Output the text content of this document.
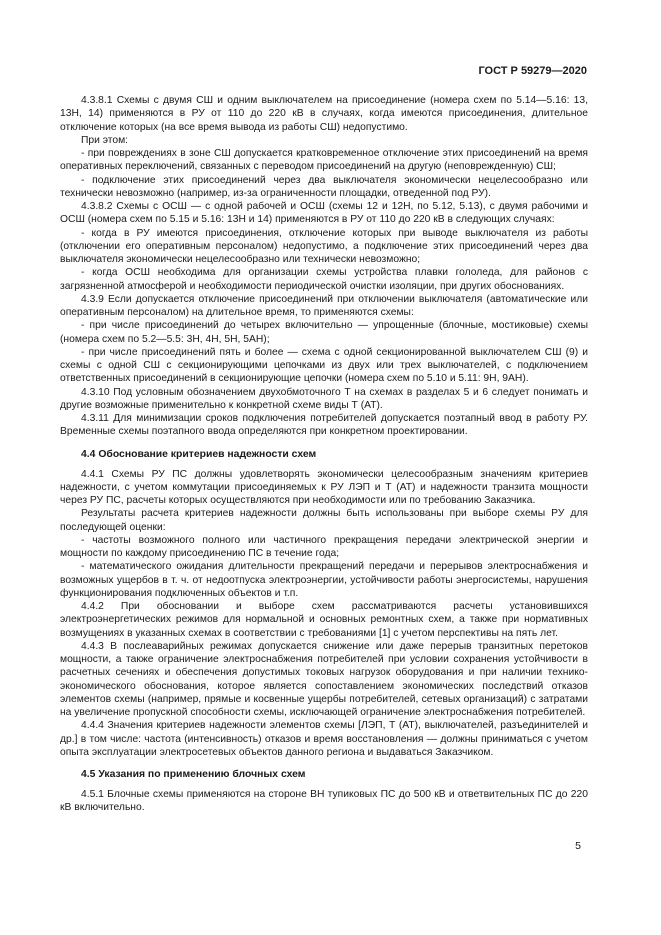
ГОСТ Р 59279—2020

4.3.8.1 Схемы с двумя СШ и одним выключателем на присоединение (номера схем по 5.14—5.16: 13, 13Н, 14) применяются в РУ от 110 до 220 кВ в случаях, когда имеются присоединения, длительное отключение которых (на все время вывода из работы СШ) недопустимо.

При этом:

- при повреждениях в зоне СШ допускается кратковременное отключение этих присоединений на время оперативных переключений, связанных с переводом присоединений на другую (неповрежденную) СШ;

- подключение этих присоединений через два выключателя экономически нецелесообразно или технически невозможно (например, из-за ограниченности площадки, отведенной под РУ).

4.3.8.2 Схемы с ОСШ — с одной рабочей и ОСШ (схемы 12 и 12Н, по 5.12, 5.13), с двумя рабочими и ОСШ (номера схем по 5.15 и 5.16: 13Н и 14) применяются в РУ от 110 до 220 кВ в следующих случаях:

- когда в РУ имеются присоединения, отключение которых при выводе выключателя из работы (отключении его оперативным персоналом) недопустимо, а подключение этих присоединений через два выключателя экономически нецелесообразно или технически невозможно;

- когда ОСШ необходима для организации схемы устройства плавки гололеда, для районов с загрязненной атмосферой и необходимости периодической очистки изоляции, при других обоснованиях.

4.3.9 Если допускается отключение присоединений при отключении выключателя (автоматические или оперативным персоналом) на длительное время, то применяются схемы:

- при числе присоединений до четырех включительно — упрощенные (блочные, мостиковые) схемы (номера схем по 5.2—5.5: 3Н, 4Н, 5Н, 5АН);

- при числе присоединений пять и более — схема с одной секционированной выключателем СШ (9) и схемы с одной СШ с секционирующими цепочками из двух или трех выключателей, с подключением ответственных присоединений в секционирующие цепочки (номера схем по 5.10 и 5.11: 9Н, 9АН).

4.3.10 Под условным обозначением двухобмоточного Т на схемах в разделах 5 и 6 следует понимать и другие возможные применительно к конкретной схеме виды Т (АТ).

4.3.11 Для минимизации сроков подключения потребителей допускается поэтапный ввод в работу РУ. Временные схемы поэтапного ввода определяются при конкретном проектировании.

4.4 Обоснование критериев надежности схем

4.4.1 Схемы РУ ПС должны удовлетворять экономически целесообразным значениям критериев надежности, с учетом коммутации присоединяемых к РУ ЛЭП и Т (АТ) и надежности транзита мощности через РУ ПС, расчеты которых осуществляются при необходимости или по требованию Заказчика.

Результаты расчета критериев надежности должны быть использованы при выборе схемы РУ для последующей оценки:

- частоты возможного полного или частичного прекращения передачи электрической энергии и мощности по каждому присоединению ПС в течение года;

- математического ожидания длительности прекращений передачи и перерывов электроснабжения и возможных ущербов в т. ч. от недоотпуска электроэнергии, устойчивости работы энергосистемы, нарушения функционирования подключенных объектов и т.п.

4.4.2 При обосновании и выборе схем рассматриваются расчеты установившихся электроэнергетических режимов для нормальной и основных ремонтных схем, а также при нормативных возмущениях в указанных схемах в соответствии с требованиями [1] с учетом перспективы на пять лет.

4.4.3 В послеаварийных режимах допускается снижение или даже перерыв транзитных перетоков мощности, а также ограничение электроснабжения потребителей при условии сохранения устойчивости в расчетных сечениях и обеспечения допустимых токовых нагрузок оборудования и при наличии технико-экономического обоснования, которое является сопоставлением экономических последствий отказов элементов схемы (например, прямые и косвенные ущербы потребителей, сетевых организаций) с затратами на увеличение пропускной способности схемы, исключающей ограничение электроснабжения потребителей.

4.4.4 Значения критериев надежности элементов схемы [ЛЭП, Т (АТ), выключателей, разъединителей и др.] в том числе: частота (интенсивность) отказов и время восстановления — должны приниматься с учетом опыта эксплуатации электросетевых объектов данного региона и выдаваться Заказчиком.

4.5 Указания по применению блочных схем

4.5.1 Блочные схемы применяются на стороне ВН тупиковых ПС до 500 кВ и ответвительных ПС до 220 кВ включительно.

5
